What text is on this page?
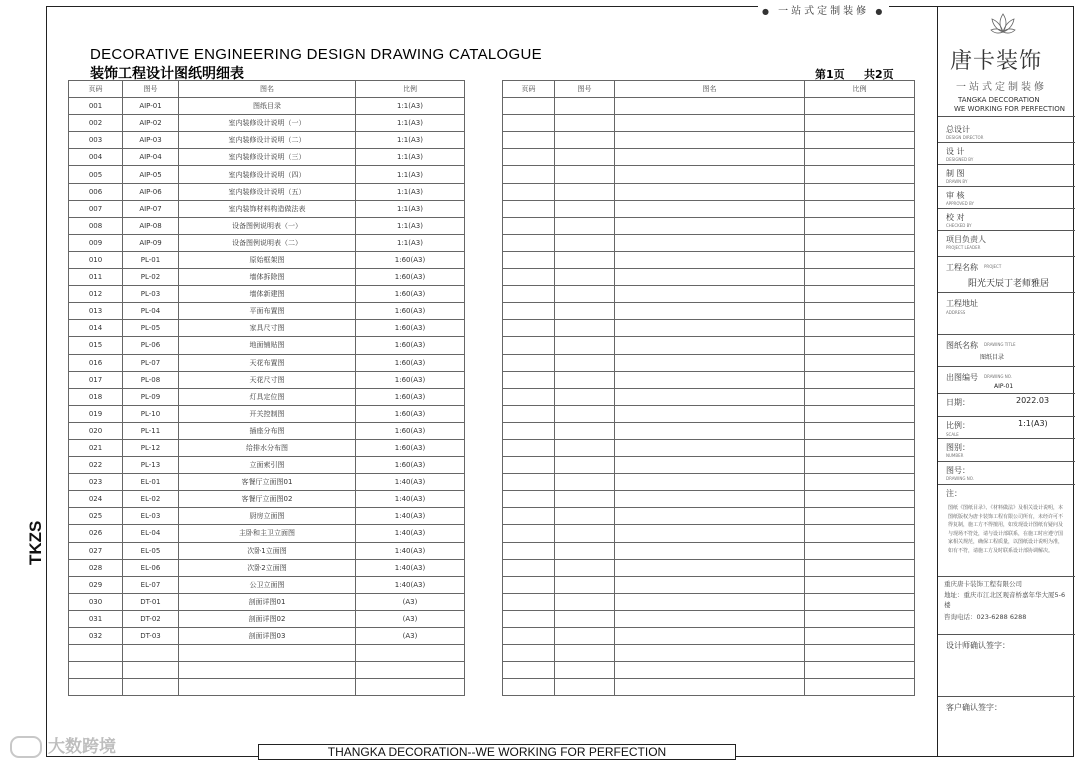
● 一站式定制装修 ●
DECORATIVE ENGINEERING DESIGN DRAWING CATALOGUE
装饰工程设计图纸明细表	第1页 共2页
页码	图号	图名	比例
001	AIP-01	图纸目录	1:1(A3)
002	AIP-02	室内装修设计说明（一）	1:1(A3)
003	AIP-03	室内装修设计说明（二）	1:1(A3)
004	AIP-04	室内装修设计说明（三）	1:1(A3)
005	AIP-05	室内装修设计说明（四）	1:1(A3)
006	AIP-06	室内装修设计说明（五）	1:1(A3)
007	AIP-07	室内装饰材料构造做法表	1:1(A3)
008	AIP-08	设备图例说明表（一）	1:1(A3)
009	AIP-09	设备图例说明表（二）	1:1(A3)
010	PL-01	原始框架图	1:60(A3)
011	PL-02	墙体拆除图	1:60(A3)
012	PL-03	墙体新建图	1:60(A3)
013	PL-04	平面布置图	1:60(A3)
014	PL-05	家具尺寸图	1:60(A3)
015	PL-06	地面铺贴图	1:60(A3)
016	PL-07	天花布置图	1:60(A3)
017	PL-08	天花尺寸图	1:60(A3)
018	PL-09	灯具定位图	1:60(A3)
019	PL-10	开关控制图	1:60(A3)
020	PL-11	插座分布图	1:60(A3)
021	PL-12	给排水分布图	1:60(A3)
022	PL-13	立面索引图	1:60(A3)
023	EL-01	客餐厅立面图01	1:40(A3)
024	EL-02	客餐厅立面图02	1:40(A3)
025	EL-03	厨房立面图	1:40(A3)
026	EL-04	主卧和主卫立面图	1:40(A3)
027	EL-05	次卧1立面图	1:40(A3)
028	EL-06	次卧2立面图	1:40(A3)
029	EL-07	公卫立面图	1:40(A3)
030	DT-01	剖面详图01	(A3)
031	DT-02	剖面详图02	(A3)
032	DT-03	剖面详图03	(A3)

页码	图号	图名	比例

TKZS
THANGKA DECORATION--WE WORKING FOR PERFECTION
大数跨境
唐卡装饰
一站式定制装修
TANGKA DECCORATION
WE WORKING FOR PERFECTION
总设计
DESIGN DIRECTOR
设 计
DESIGNED BY
制 图
DRAWN BY
审 核
APPROVED BY
校 对
CHECKED BY
项目负责人
PROJECT LEADER
工程名称 PROJECT
阳光天辰丁老师雅居
工程地址
ADDRESS
图纸名称 DRAWING TITLE
图纸目录
出图编号 DRAWING NO.
AIP-01
日期：	2022.03
比例：
SCALE
1:1(A3)
图别：
NUMBER
图号：
DRAWING NO.
注：
图纸《图纸目录》、《材料做法》及相关设计说明，本图纸版权为唐卡装饰工程有限公司所有，未经许可不得复制，施工方不得擅用，如发现设计图纸有疑问及与现场不符处，请与设计部联系，在施工时应遵守国家相关规范，确保工程质量，以图纸设计说明为准，如有不符，请施工方及时联系设计部协调解决。
重庆唐卡装饰工程有限公司
地址：重庆市江北区观音桥嘉年华大厦5-6楼
咨询电话：023-6288 6288
设计师确认签字：
客户确认签字：
